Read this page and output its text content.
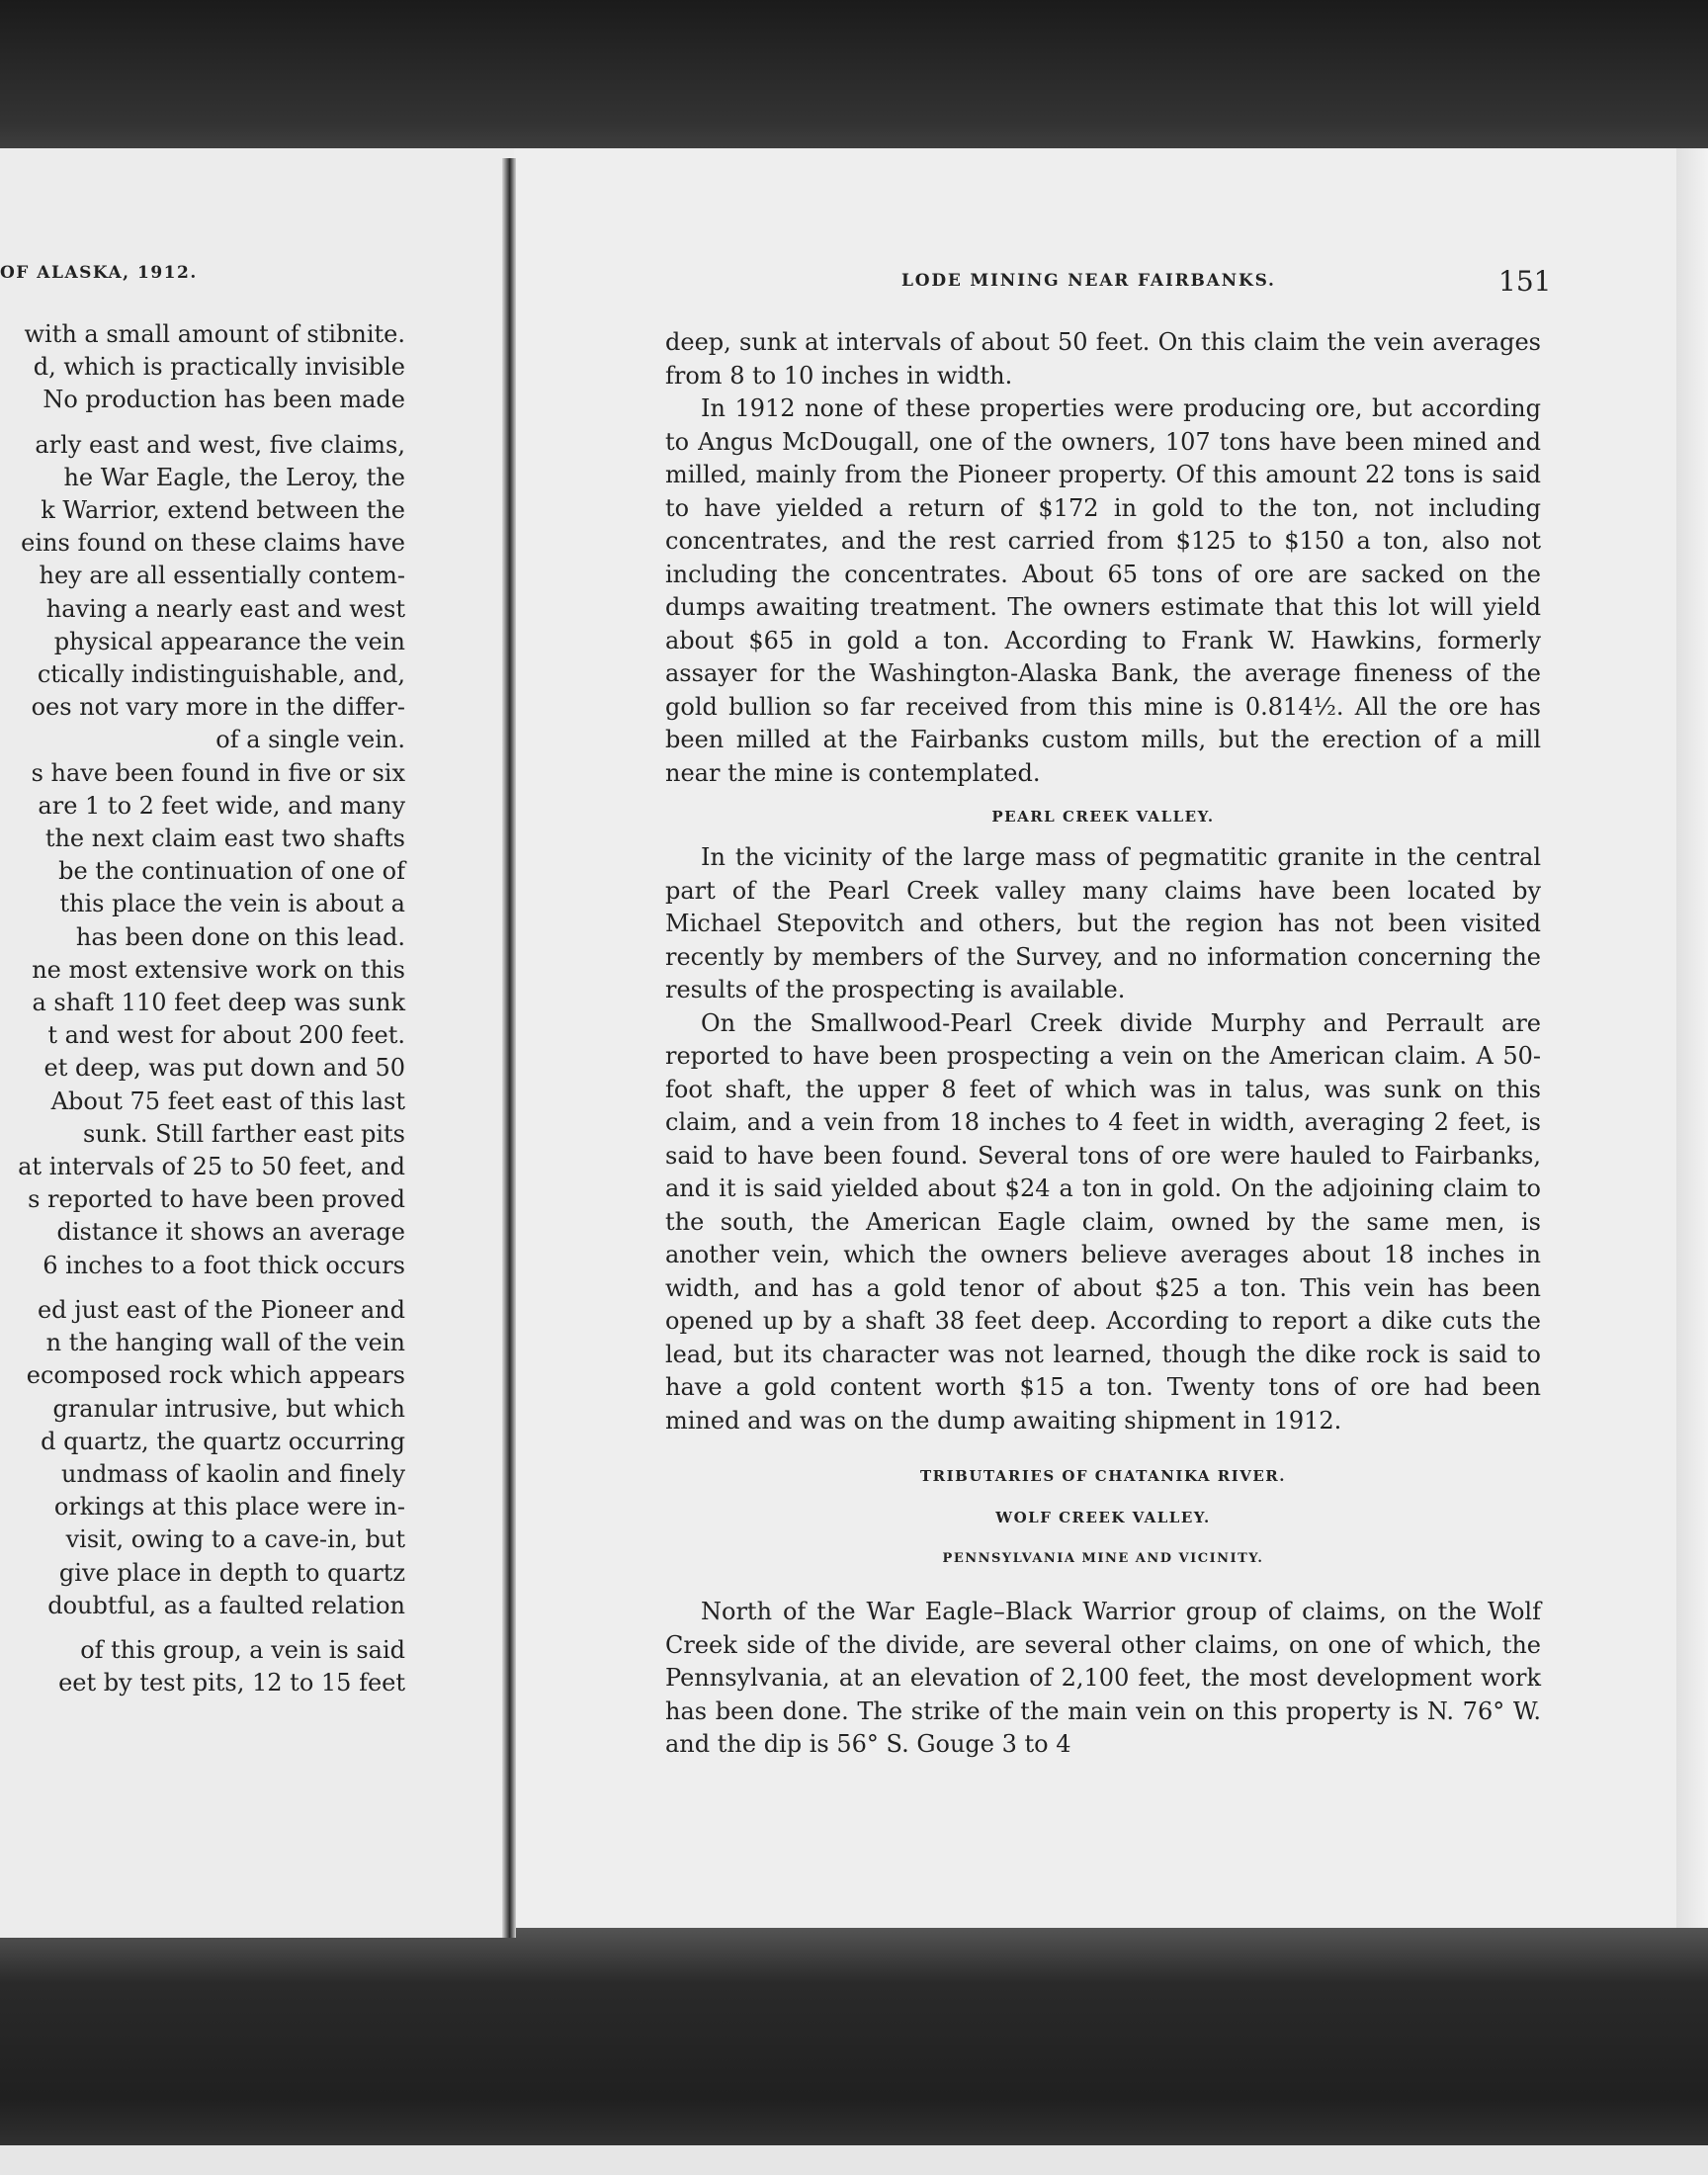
OF ALASKA, 1912.
with a small amount of stibnite.
d, which is practically invisible
No production has been made
arly east and west, five claims,
he War Eagle, the Leroy, the
k Warrior, extend between the
eins found on these claims have
hey are all essentially contem-
having a nearly east and west
physical appearance the vein
ctically indistinguishable, and,
oes not vary more in the differ-
of a single vein.
s have been found in five or six
are 1 to 2 feet wide, and many
the next claim east two shafts
be the continuation of one of
this place the vein is about a
has been done on this lead.
ne most extensive work on this
a shaft 110 feet deep was sunk
t and west for about 200 feet.
et deep, was put down and 50
About 75 feet east of this last
sunk. Still farther east pits
at intervals of 25 to 50 feet, and
s reported to have been proved
distance it shows an average
6 inches to a foot thick occurs
ed just east of the Pioneer and
n the hanging wall of the vein
ecomposed rock which appears
granular intrusive, but which
d quartz, the quartz occurring
undmass of kaolin and finely
orkings at this place were in-
visit, owing to a cave-in, but
give place in depth to quartz
doubtful, as a faulted relation
of this group, a vein is said
eet by test pits, 12 to 15 feet
LODE MINING NEAR FAIRBANKS.	151

deep, sunk at intervals of about 50 feet. On this claim the vein averages from 8 to 10 inches in width.

In 1912 none of these properties were producing ore, but according to Angus McDougall, one of the owners, 107 tons have been mined and milled, mainly from the Pioneer property. Of this amount 22 tons is said to have yielded a return of $172 in gold to the ton, not including concentrates, and the rest carried from $125 to $150 a ton, also not including the concentrates. About 65 tons of ore are sacked on the dumps awaiting treatment. The owners estimate that this lot will yield about $65 in gold a ton. According to Frank W. Hawkins, formerly assayer for the Washington-Alaska Bank, the average fineness of the gold bullion so far received from this mine is 0.814½. All the ore has been milled at the Fairbanks custom mills, but the erection of a mill near the mine is contemplated.

PEARL CREEK VALLEY.

In the vicinity of the large mass of pegmatitic granite in the central part of the Pearl Creek valley many claims have been located by Michael Stepovitch and others, but the region has not been visited recently by members of the Survey, and no information concerning the results of the prospecting is available.

On the Smallwood-Pearl Creek divide Murphy and Perrault are reported to have been prospecting a vein on the American claim. A 50-foot shaft, the upper 8 feet of which was in talus, was sunk on this claim, and a vein from 18 inches to 4 feet in width, averaging 2 feet, is said to have been found. Several tons of ore were hauled to Fairbanks, and it is said yielded about $24 a ton in gold. On the adjoining claim to the south, the American Eagle claim, owned by the same men, is another vein, which the owners believe averages about 18 inches in width, and has a gold tenor of about $25 a ton. This vein has been opened up by a shaft 38 feet deep. According to report a dike cuts the lead, but its character was not learned, though the dike rock is said to have a gold content worth $15 a ton. Twenty tons of ore had been mined and was on the dump awaiting shipment in 1912.

TRIBUTARIES OF CHATANIKA RIVER.
WOLF CREEK VALLEY.
PENNSYLVANIA MINE AND VICINITY.

North of the War Eagle–Black Warrior group of claims, on the Wolf Creek side of the divide, are several other claims, on one of which, the Pennsylvania, at an elevation of 2,100 feet, the most development work has been done. The strike of the main vein on this property is N. 76° W. and the dip is 56° S. Gouge 3 to 4
